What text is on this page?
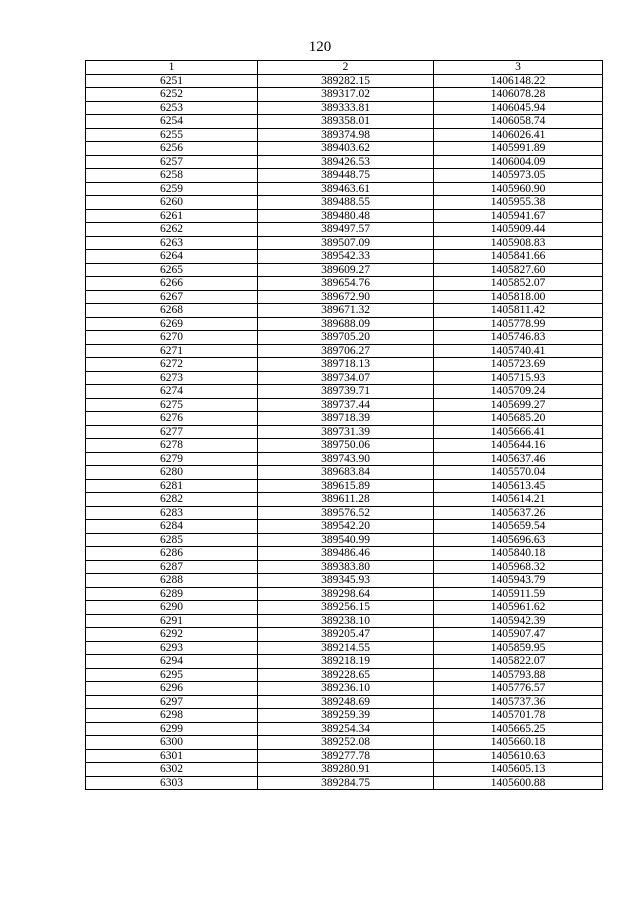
120
1	2	3
6251	389282.15	1406148.22
6252	389317.02	1406078.28
6253	389333.81	1406045.94
6254	389358.01	1406058.74
6255	389374.98	1406026.41
6256	389403.62	1405991.89
6257	389426.53	1406004.09
6258	389448.75	1405973.05
6259	389463.61	1405960.90
6260	389488.55	1405955.38
6261	389480.48	1405941.67
6262	389497.57	1405909.44
6263	389507.09	1405908.83
6264	389542.33	1405841.66
6265	389609.27	1405827.60
6266	389654.76	1405852.07
6267	389672.90	1405818.00
6268	389671.32	1405811.42
6269	389688.09	1405778.99
6270	389705.20	1405746.83
6271	389706.27	1405740.41
6272	389718.13	1405723.69
6273	389734.07	1405715.93
6274	389739.71	1405709.24
6275	389737.44	1405699.27
6276	389718.39	1405685.20
6277	389731.39	1405666.41
6278	389750.06	1405644.16
6279	389743.90	1405637.46
6280	389683.84	1405570.04
6281	389615.89	1405613.45
6282	389611.28	1405614.21
6283	389576.52	1405637.26
6284	389542.20	1405659.54
6285	389540.99	1405696.63
6286	389486.46	1405840.18
6287	389383.80	1405968.32
6288	389345.93	1405943.79
6289	389298.64	1405911.59
6290	389256.15	1405961.62
6291	389238.10	1405942.39
6292	389205.47	1405907.47
6293	389214.55	1405859.95
6294	389218.19	1405822.07
6295	389228.65	1405793.88
6296	389236.10	1405776.57
6297	389248.69	1405737.36
6298	389259.39	1405701.78
6299	389254.34	1405665.25
6300	389252.08	1405660.18
6301	389277.78	1405610.63
6302	389280.91	1405605.13
6303	389284.75	1405600.88
